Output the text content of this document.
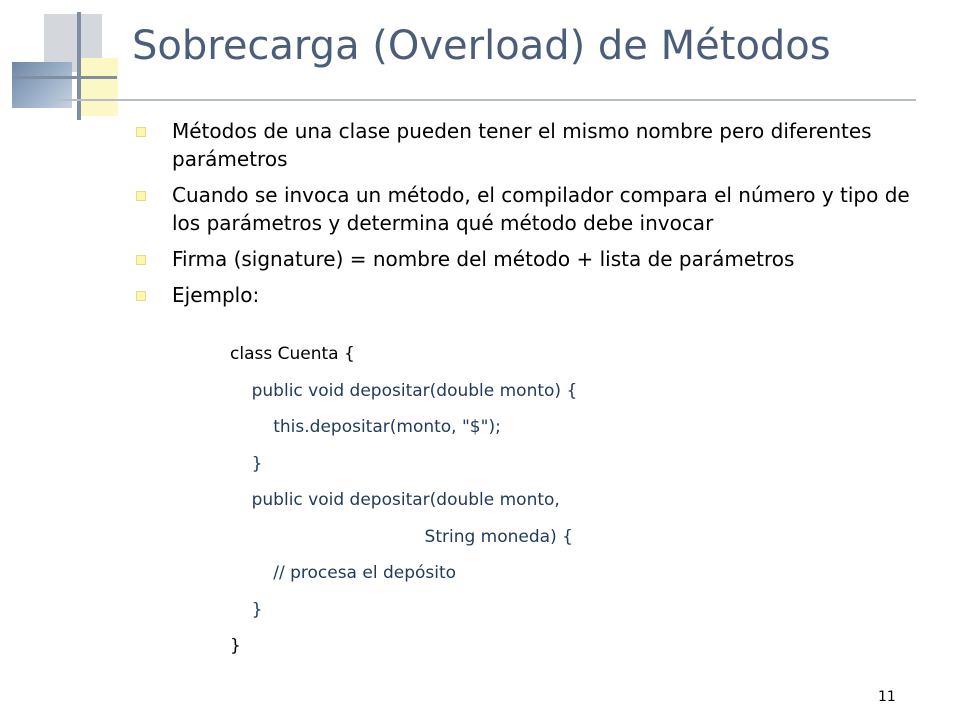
Sobrecarga (Overload) de Métodos
Métodos de una clase pueden tener el mismo nombre pero diferentes parámetros
Cuando se invoca un método, el compilador compara el número y tipo de los parámetros y determina qué método debe invocar
Firma (signature) = nombre del método + lista de parámetros
Ejemplo:
class Cuenta {
public void depositar(double monto) {
this.depositar(monto, "$");
}
public void depositar(double monto,
String moneda) {
// procesa el depósito
}
}
11
